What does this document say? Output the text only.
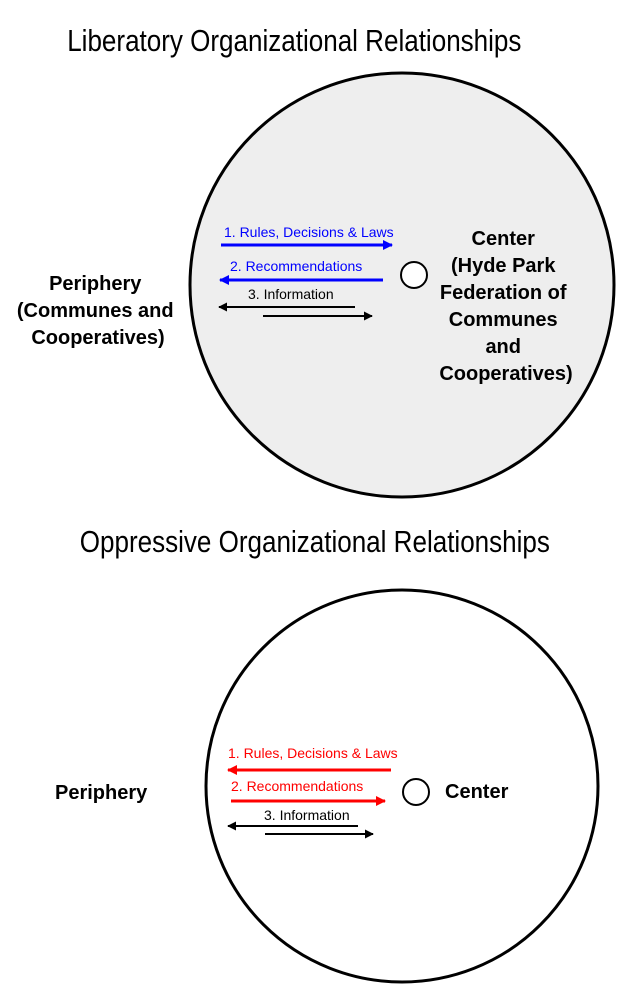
Liberatory Organizational Relationships
Periphery (Communes and Cooperatives)
Center (Hyde Park Federation of Communes and Cooperatives)
1. Rules, Decisions & Laws
2. Recommendations
3. Information
Oppressive Organizational Relationships
Periphery	Center
1. Rules, Decisions & Laws
2. Recommendations
3. Information
